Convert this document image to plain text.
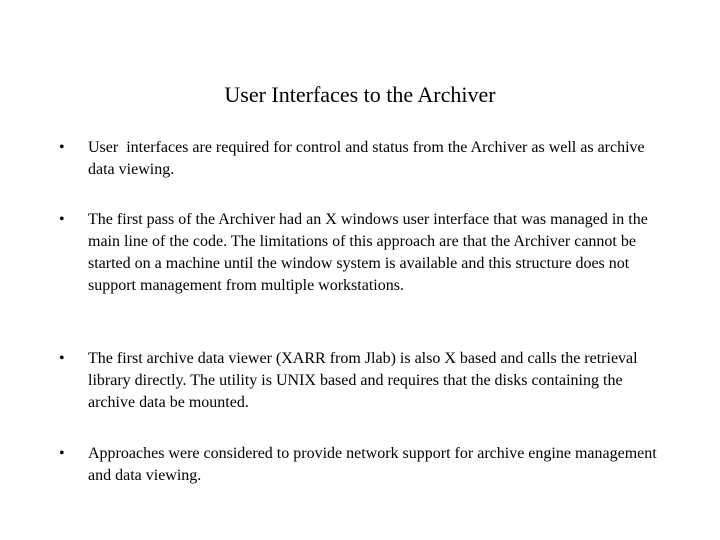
User Interfaces to the Archiver
• User  interfaces are required for control and status from the Archiver as well as archive data viewing.
• The first pass of the Archiver had an X windows user interface that was managed in the main line of the code. The limitations of this approach are that the Archiver cannot be started on a machine until the window system is available and this structure does not support management from multiple workstations.
• The first archive data viewer (XARR from Jlab) is also X based and calls the retrieval library directly. The utility is UNIX based and requires that the disks containing the archive data be mounted.
• Approaches were considered to provide network support for archive engine management and data viewing.
